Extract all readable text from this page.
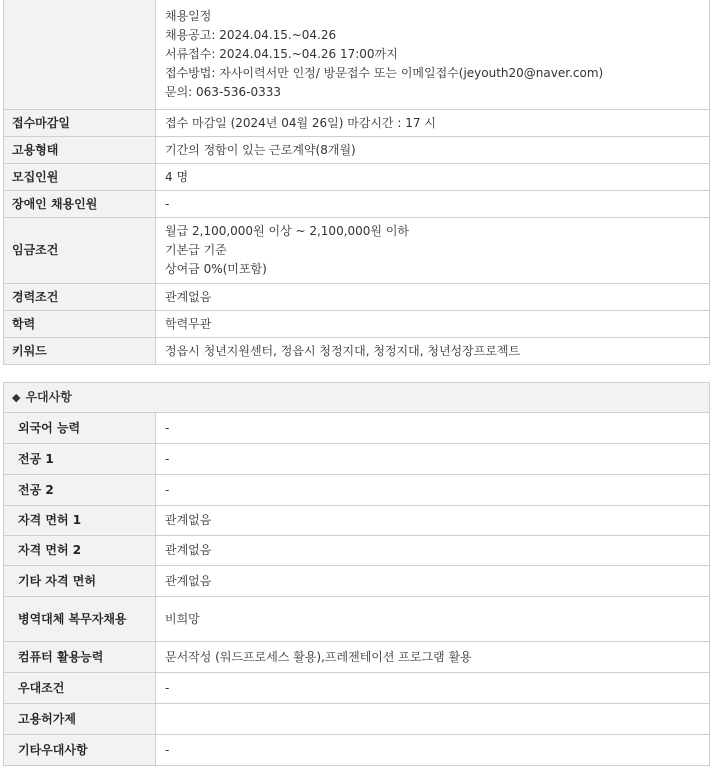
	채용일정
채용공고: 2024.04.15.~04.26
서류접수: 2024.04.15.~04.26 17:00까지
접수방법: 자사이력서만 인정/ 방문접수 또는 이메일접수(jeyouth20@naver.com)
문의: 063-536-0333

접수마감일	접수 마감일 (2024년 04월 26일) 마감시간 : 17 시
고용형태	기간의 정함이 있는 근로계약(8개월)
모집인원	4 명
장애인 채용인원	-
임금조건	월급 2,100,000원 이상 ~ 2,100,000원 이하
기본급 기준
상여금 0%(미포함)

경력조건	관계없음
학력	학력무관
키워드	정읍시 청년지원센터, 정읍시 청정지대, 청정지대, 청년성장프로젝트
◆ 우대사항	
외국어 능력	-
전공 1	-
전공 2	-
자격 면허 1	관계없음
자격 면허 2	관계없음
기타 자격 면허	관계없음
병역대체 복무자채용	비희망
컴퓨터 활용능력	문서작성 (워드프로세스 활용),프레젠테이션 프로그램 활용
우대조건	-
고용허가제	
기타우대사항	-
